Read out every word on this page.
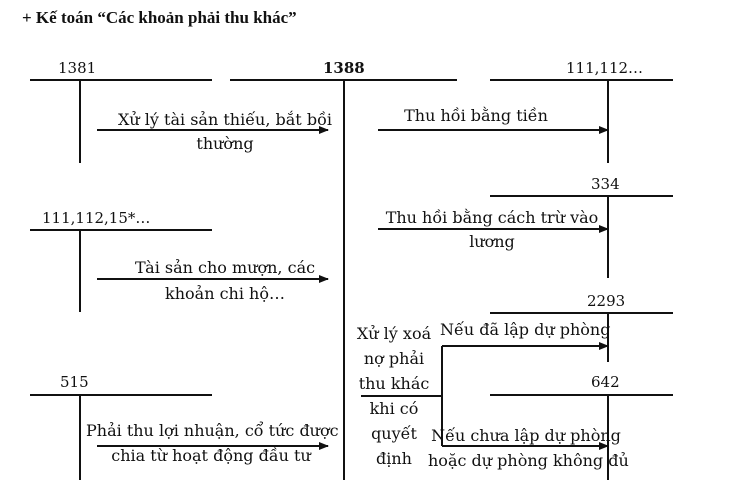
+ Kế toán “Các khoản phải thu khác”
1381	1388	111,112…
334
111,112,15*…
2293
515	642
Xử lý tài sản thiếu, bắt bồi
thường
Thu hồi bằng tiền
Thu hồi bằng cách trừ vào
lương
Tài sản cho mượn, các
khoản chi hộ…
Xử lý xoá
nợ phải
thu khác
khi có
quyết
định
Nếu đã lập dự phòng
Phải thu lợi nhuận, cổ tức được
chia từ hoạt động đầu tư
Nếu chưa lập dự phòng
hoặc dự phòng không đủ
